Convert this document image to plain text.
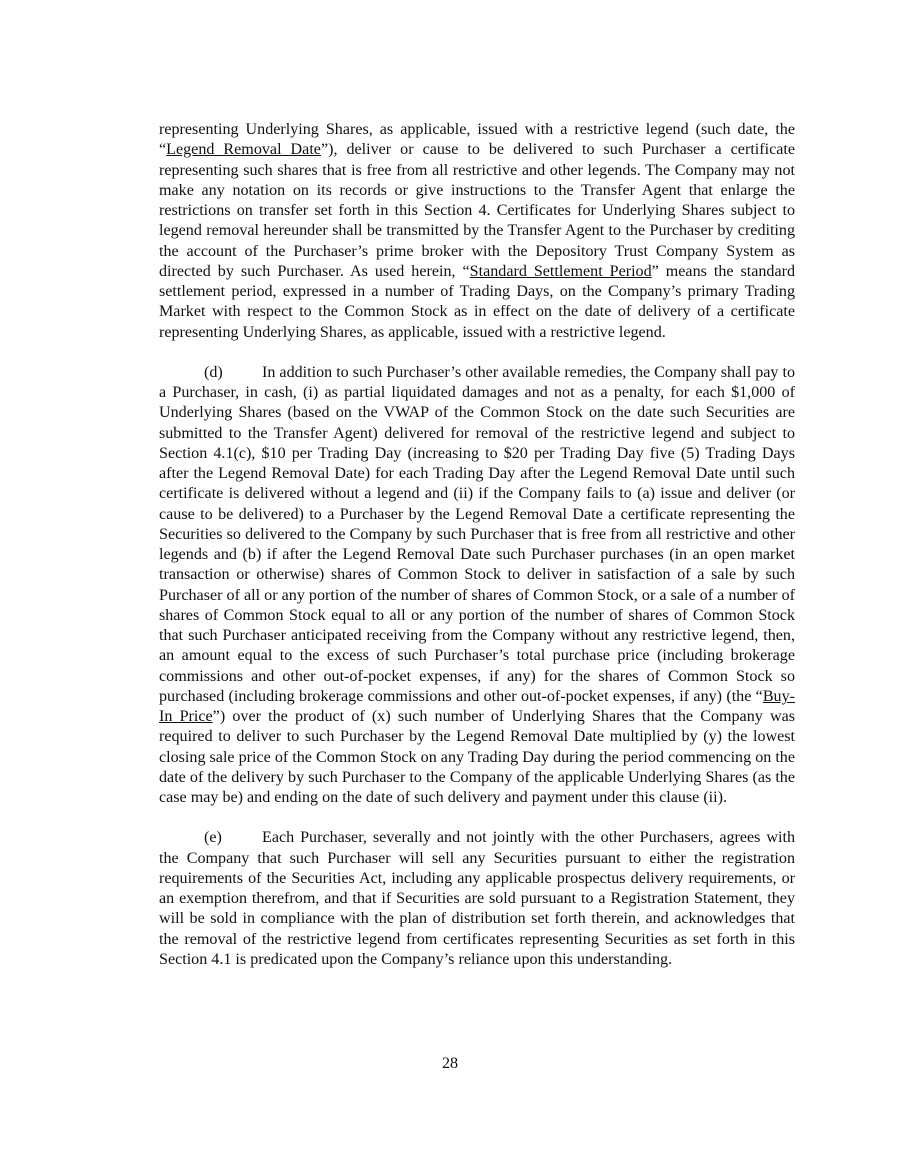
representing Underlying Shares, as applicable, issued with a restrictive legend (such date, the “Legend Removal Date”), deliver or cause to be delivered to such Purchaser a certificate representing such shares that is free from all restrictive and other legends. The Company may not make any notation on its records or give instructions to the Transfer Agent that enlarge the restrictions on transfer set forth in this Section 4. Certificates for Underlying Shares subject to legend removal hereunder shall be transmitted by the Transfer Agent to the Purchaser by crediting the account of the Purchaser’s prime broker with the Depository Trust Company System as directed by such Purchaser. As used herein, “Standard Settlement Period” means the standard settlement period, expressed in a number of Trading Days, on the Company’s primary Trading Market with respect to the Common Stock as in effect on the date of delivery of a certificate representing Underlying Shares, as applicable, issued with a restrictive legend.

(d) In addition to such Purchaser’s other available remedies, the Company shall pay to a Purchaser, in cash, (i) as partial liquidated damages and not as a penalty, for each $1,000 of Underlying Shares (based on the VWAP of the Common Stock on the date such Securities are submitted to the Transfer Agent) delivered for removal of the restrictive legend and subject to Section 4.1(c), $10 per Trading Day (increasing to $20 per Trading Day five (5) Trading Days after the Legend Removal Date) for each Trading Day after the Legend Removal Date until such certificate is delivered without a legend and (ii) if the Company fails to (a) issue and deliver (or cause to be delivered) to a Purchaser by the Legend Removal Date a certificate representing the Securities so delivered to the Company by such Purchaser that is free from all restrictive and other legends and (b) if after the Legend Removal Date such Purchaser purchases (in an open market transaction or otherwise) shares of Common Stock to deliver in satisfaction of a sale by such Purchaser of all or any portion of the number of shares of Common Stock, or a sale of a number of shares of Common Stock equal to all or any portion of the number of shares of Common Stock that such Purchaser anticipated receiving from the Company without any restrictive legend, then, an amount equal to the excess of such Purchaser’s total purchase price (including brokerage commissions and other out-of-pocket expenses, if any) for the shares of Common Stock so purchased (including brokerage commissions and other out-of-pocket expenses, if any) (the “Buy-In Price”) over the product of (x) such number of Underlying Shares that the Company was required to deliver to such Purchaser by the Legend Removal Date multiplied by (y) the lowest closing sale price of the Common Stock on any Trading Day during the period commencing on the date of the delivery by such Purchaser to the Company of the applicable Underlying Shares (as the case may be) and ending on the date of such delivery and payment under this clause (ii).

(e) Each Purchaser, severally and not jointly with the other Purchasers, agrees with the Company that such Purchaser will sell any Securities pursuant to either the registration requirements of the Securities Act, including any applicable prospectus delivery requirements, or an exemption therefrom, and that if Securities are sold pursuant to a Registration Statement, they will be sold in compliance with the plan of distribution set forth therein, and acknowledges that the removal of the restrictive legend from certificates representing Securities as set forth in this Section 4.1 is predicated upon the Company’s reliance upon this understanding.

28
